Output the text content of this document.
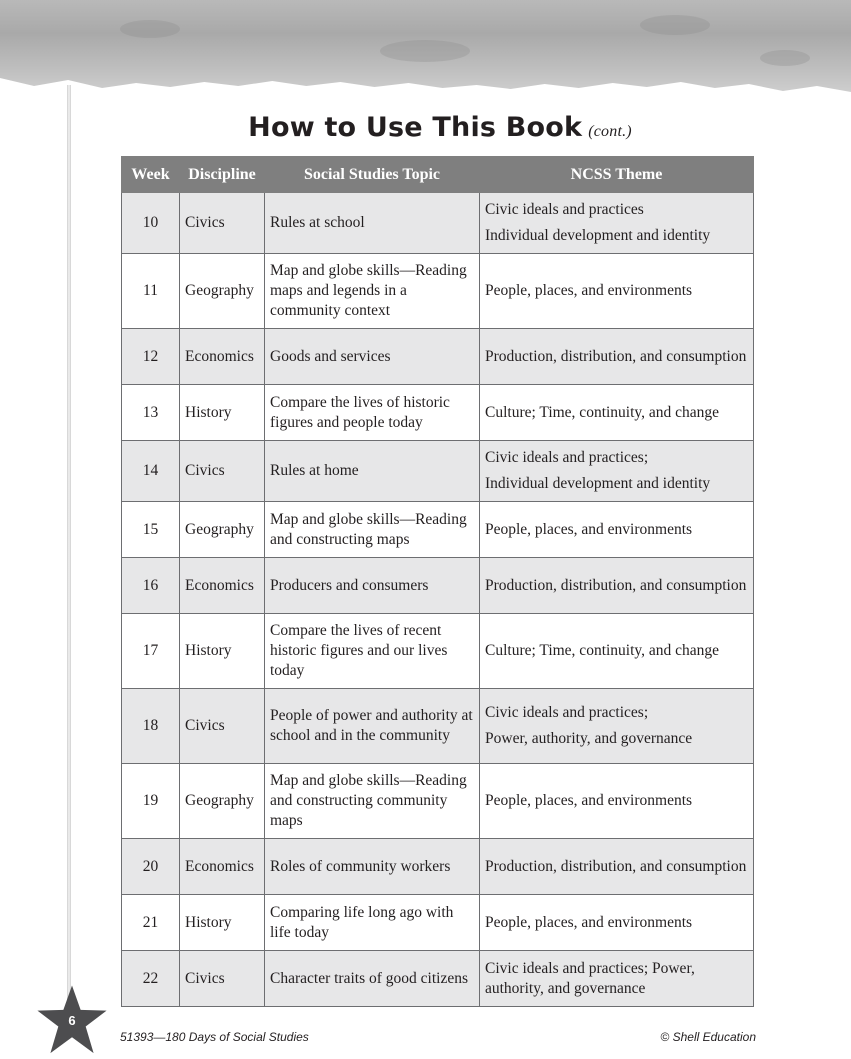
How to Use This Book (cont.)
Week	Discipline	Social Studies Topic	NCSS Theme
10	Civics	Rules at school	Civic ideals and practices
Individual development and identity

11	Geography	Map and globe skills—Reading maps and legends in a community context	People, places, and environments

12	Economics	Goods and services	Production, distribution, and consumption

13	History	Compare the lives of historic figures and people today	Culture; Time, continuity, and change

14	Civics	Rules at home	Civic ideals and practices;
Individual development and identity

15	Geography	Map and globe skills—Reading and constructing maps	People, places, and environments

16	Economics	Producers and consumers	Production, distribution, and consumption

17	History	Compare the lives of recent historic figures and our lives today	Culture; Time, continuity, and change

18	Civics	People of power and authority at school and in the community	Civic ideals and practices;
Power, authority, and governance

19	Geography	Map and globe skills—Reading and constructing community maps	People, places, and environments

20	Economics	Roles of community workers	Production, distribution, and consumption

21	History	Comparing life long ago with life today	People, places, and environments

22	Civics	Character traits of good citizens	Civic ideals and practices; Power, authority, and governance
6
51393—180 Days of Social Studies	© Shell Education
